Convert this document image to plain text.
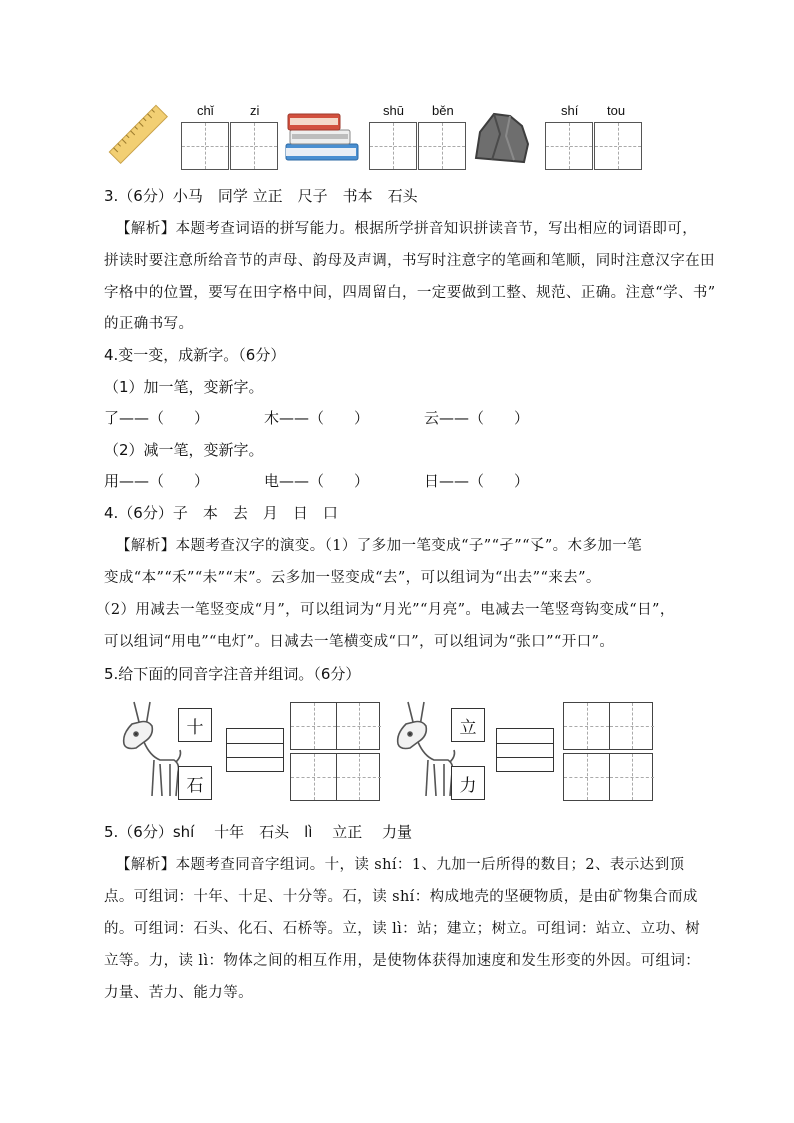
chǐ	zi	shū běn	shí tou
3.（6分）小马　同学 立正　尺子　书本　石头
【解析】本题考查词语的拼写能力。根据所学拼音知识拼读音节，写出相应的词语即可，
拼读时要注意所给音节的声母、韵母及声调，书写时注意字的笔画和笔顺，同时注意汉字在田
字格中的位置，要写在田字格中间，四周留白，一定要做到工整、规范、正确。注意“学、书”
的正确书写。
4.变一变，成新字。（6分）
（1）加一笔，变新字。
了——（　　）	木——（　　）	云——（　　）
（2）减一笔，变新字。
用——（　　）	电——（　　）	日——（　　）
4.（6分）子　本　去　月　日　口
【解析】本题考查汉字的演变。（1）了多加一笔变成“子”“孑”“孓”。木多加一笔
变成“本”“禾”“未”“末”。云多加一竖变成“去”，可以组词为“出去”“来去”。
（2）用减去一笔竖变成“月”，可以组词为“月光”“月亮”。电减去一笔竖弯钩变成“日”，
可以组词“用电”“电灯”。日减去一笔横变成“口”，可以组词为“张口”“开口”。
5.给下面的同音字注音并组词。（6分）
十
石
立
力
5.（6分）shí　 十年　石头　lì　 立正　 力量
【解析】本题考查同音字组词。十，读 shí：1、九加一后所得的数目；2、表示达到顶
点。可组词：十年、十足、十分等。石，读 shí：构成地壳的坚硬物质，是由矿物集合而成
的。可组词：石头、化石、石桥等。立，读 lì：站；建立；树立。可组词：站立、立功、树
立等。力，读 lì：物体之间的相互作用，是使物体获得加速度和发生形变的外因。可组词：
力量、苦力、能力等。
